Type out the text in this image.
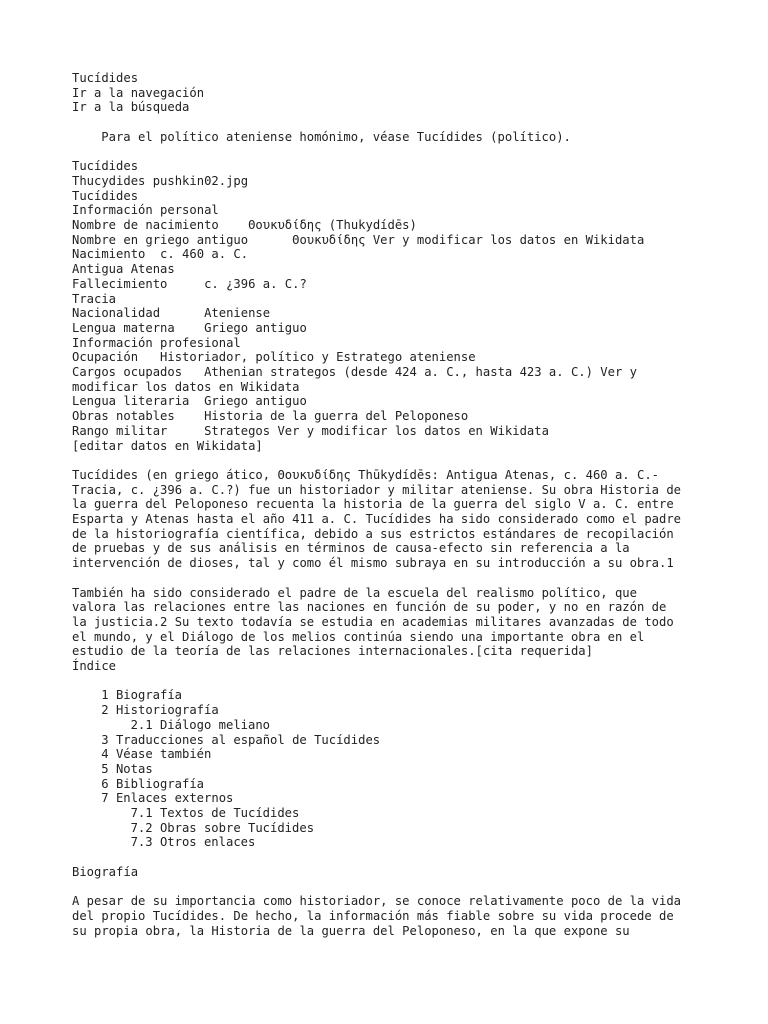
Tucídides
Ir a la navegación
Ir a la búsqueda
Para el político ateniense homónimo, véase Tucídides (político).
Tucídides
Thucydides pushkin02.jpg
Tucídides
Información personal
Nombre de nacimiento    Θουκυδίδης (Thukydídēs)
Nombre en griego antiguo      Θουκυδίδης Ver y modificar los datos en Wikidata
Nacimiento  c. 460 a. C.
Antigua Atenas
Fallecimiento     c. ¿396 a. C.?
Tracia
Nacionalidad      Ateniense
Lengua materna    Griego antiguo
Información profesional
Ocupación   Historiador, político y Estratego ateniense
Cargos ocupados   Athenian strategos (desde 424 a. C., hasta 423 a. C.) Ver y
modificar los datos en Wikidata
Lengua literaria  Griego antiguo
Obras notables    Historia de la guerra del Peloponeso
Rango militar     Strategos Ver y modificar los datos en Wikidata
[editar datos en Wikidata]
Tucídides (en griego ático, Θουκυδίδης Thūkydídēs: Antigua Atenas, c. 460 a. C.-
Tracia, c. ¿396 a. C.?) fue un historiador y militar ateniense. Su obra Historia de
la guerra del Peloponeso recuenta la historia de la guerra del siglo V a. C. entre
Esparta y Atenas hasta el año 411 a. C. Tucídides ha sido considerado como el padre
de la historiografía científica, debido a sus estrictos estándares de recopilación
de pruebas y de sus análisis en términos de causa-efecto sin referencia a la
intervención de dioses, tal y como él mismo subraya en su introducción a su obra.1
También ha sido considerado el padre de la escuela del realismo político, que
valora las relaciones entre las naciones en función de su poder, y no en razón de
la justicia.2 Su texto todavía se estudia en academias militares avanzadas de todo
el mundo, y el Diálogo de los melios continúa siendo una importante obra en el
estudio de la teoría de las relaciones internacionales.[cita requerida]
Índice
1 Biografía
2 Historiografía
2.1 Diálogo meliano
3 Traducciones al español de Tucídides
4 Véase también
5 Notas
6 Bibliografía
7 Enlaces externos
7.1 Textos de Tucídides
7.2 Obras sobre Tucídides
7.3 Otros enlaces
Biografía
A pesar de su importancia como historiador, se conoce relativamente poco de la vida
del propio Tucídides. De hecho, la información más fiable sobre su vida procede de
su propia obra, la Historia de la guerra del Peloponeso, en la que expone su
